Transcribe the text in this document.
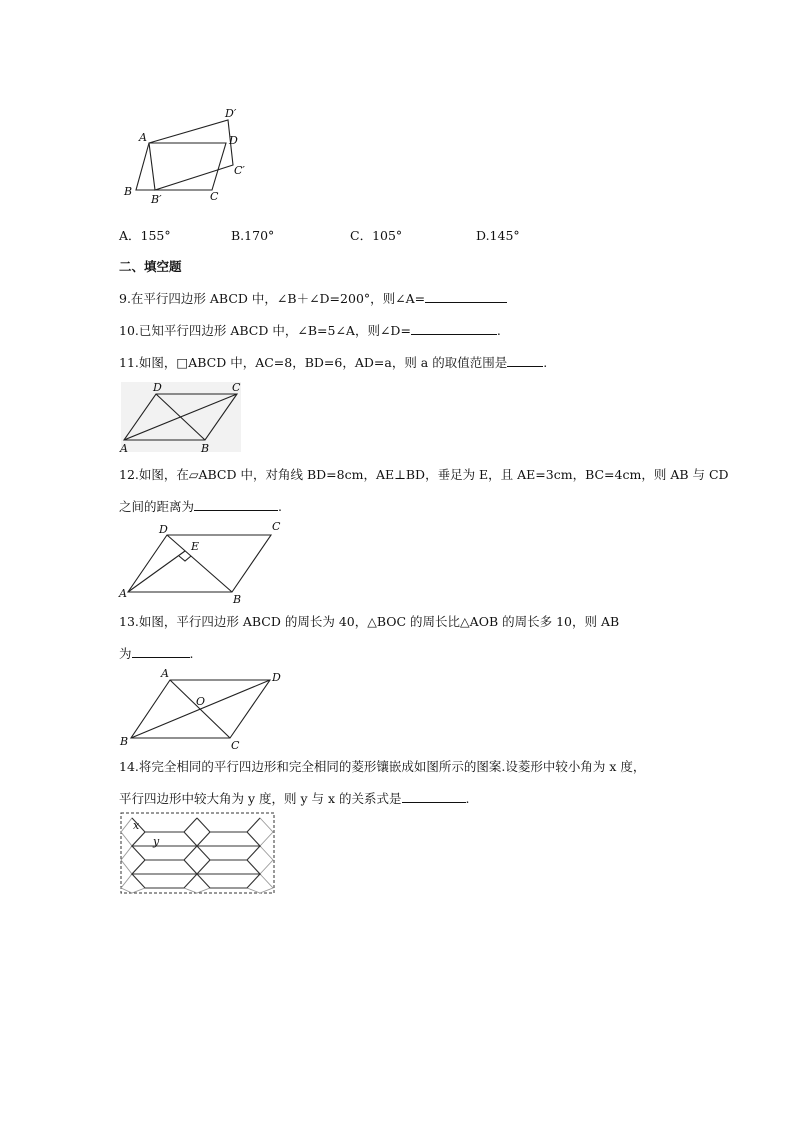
A
B	C
D
D′
B′
C′
A．155°	B.170°	C．105°	D.145°
二、填空题
9.在平行四边形 ABCD 中，∠B＋∠D=200°，则∠A=
10.已知平行四边形 ABCD 中，∠B=5∠A，则∠D=	.
11.如图，□ABCD 中，AC=8，BD=6，AD=a，则 a 的取值范围是	.
D	C
A	B
12.如图，在▱ABCD 中，对角线 BD=8cm，AE⊥BD，垂足为 E，且 AE=3cm，BC=4cm，则 AB 与 CD
之间的距离为	.
D	C
E
A	B
13.如图，平行四边形 ABCD 的周长为 40，△BOC 的周长比△AOB 的周长多 10，则 AB
为	.
A	D
O
B	C
14.将完全相同的平行四边形和完全相同的菱形镶嵌成如图所示的图案.设菱形中较小角为 x 度，
平行四边形中较大角为 y 度，则 y 与 x 的关系式是	.
x
y
